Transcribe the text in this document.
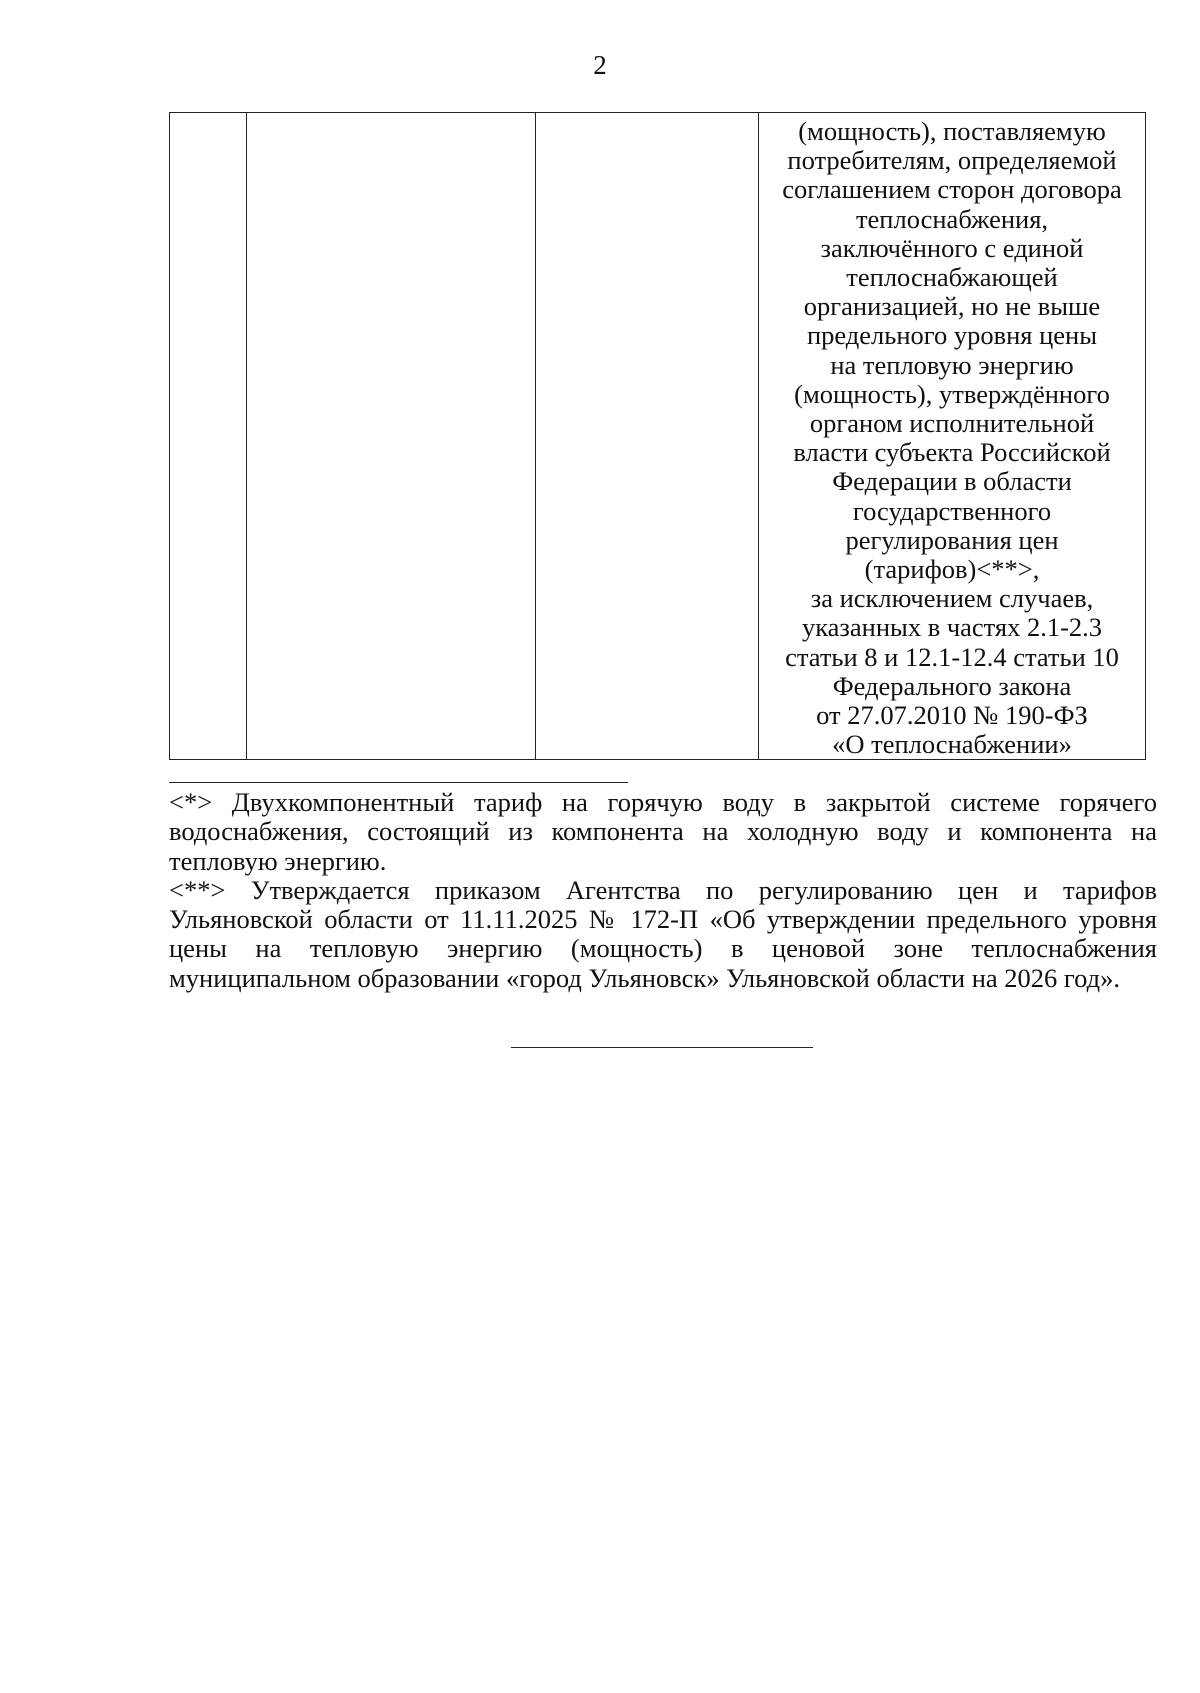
2

(мощность), поставляемую
потребителям, определяемой
соглашением сторон договора
теплоснабжения,
заключённого с единой
теплоснабжающей
организацией, но не выше
предельного уровня цены
на тепловую энергию
(мощность), утверждённого
органом исполнительной
власти субъекта Российской
Федерации в области
государственного
регулирования цен
(тарифов)<**>,
за исключением случаев,
указанных в частях 2.1-2.3
статьи 8 и 12.1-12.4 статьи 10
Федерального закона
от 27.07.2010 № 190-ФЗ
«О теплоснабжении»

<*> Двухкомпонентный тариф на горячую воду в закрытой системе горячего водоснабжения, состоящий из компонента на холодную воду и компонента на тепловую энергию.

<**> Утверждается приказом Агентства по регулированию цен и тарифов Ульяновской области от 11.11.2025 № 172-П «Об утверждении предельного уровня цены на тепловую энергию (мощность) в ценовой зоне теплоснабжения муниципальном образовании «город Ульяновск» Ульяновской области на 2026 год».
